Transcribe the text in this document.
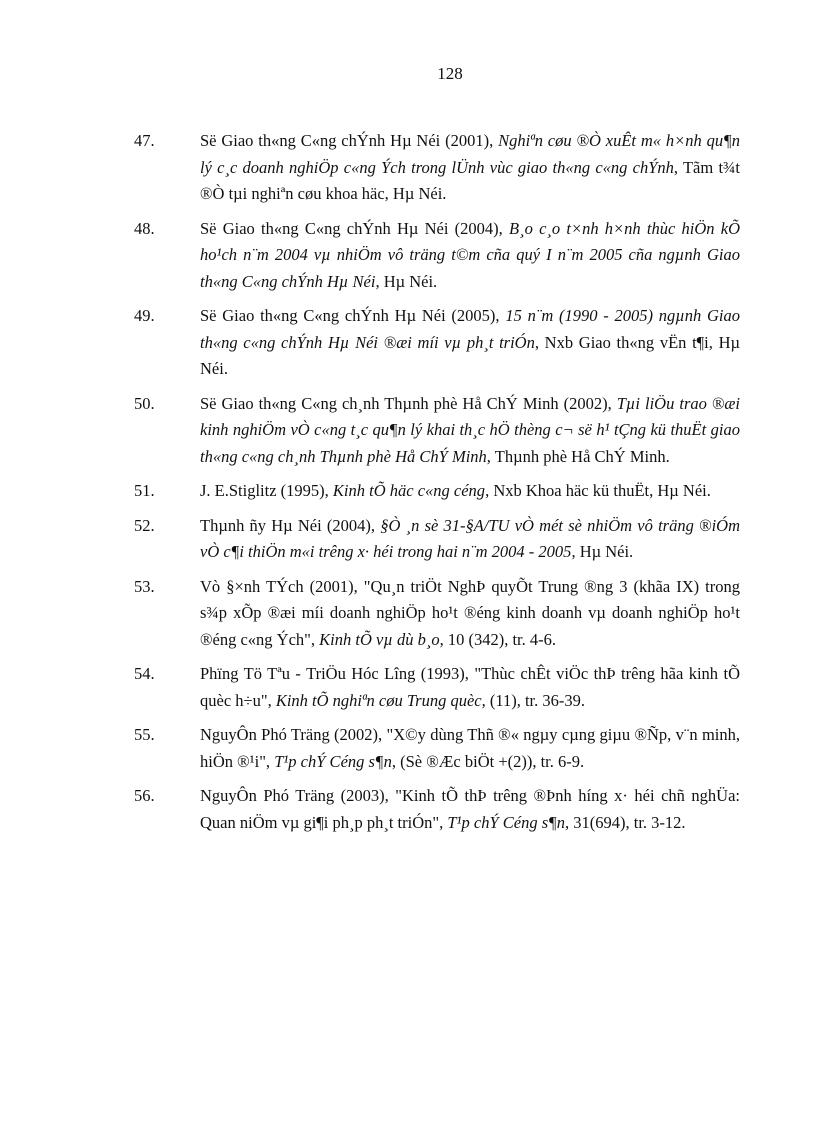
128
47.	Së Giao th«ng C«ng chÝnh Hµ Néi (2001), Nghiªn cøu ®Ò xuÊt m« h×nh qu¶n lý c¸c doanh nghiÖp c«ng Ých trong lÜnh vùc giao th«ng c«ng chÝnh, Tãm t¾t ®Ò tµi nghiªn cøu khoa häc, Hµ Néi.
48.	Së Giao th«ng C«ng chÝnh Hµ Néi (2004), B¸o c¸o t×nh h×nh thùc hiÖn kÕ ho¹ch n¨m 2004 vµ nhiÖm vô träng t©m cña quý I n¨m 2005 cña ngµnh Giao th«ng C«ng chÝnh Hµ Néi, Hµ Néi.
49.	Së Giao th«ng C«ng chÝnh Hµ Néi (2005), 15 n¨m (1990 - 2005) ngµnh Giao th«ng c«ng chÝnh Hµ Néi ®æi míi vµ ph¸t triÓn, Nxb Giao th«ng vËn t¶i, Hµ Néi.
50.	Së Giao th«ng C«ng ch¸nh Thµnh phè Hå ChÝ Minh (2002), Tµi liÖu trao ®æi kinh nghiÖm vÒ c«ng t¸c qu¶n lý khai th¸c hÖ thèng c¬ së h¹ tÇng kü thuËt giao th«ng c«ng ch¸nh Thµnh phè Hå ChÝ Minh, Thµnh phè Hå ChÝ Minh.
51.	J. E.Stiglitz (1995), Kinh tÕ häc c«ng céng, Nxb Khoa häc kü thuËt, Hµ Néi.
52.	Thµnh ñy Hµ Néi (2004), §Ò ¸n sè 31-§A/TU vÒ mét sè nhiÖm vô träng ®iÓm vÒ c¶i thiÖn m«i trêng x· héi trong hai n¨m 2004 - 2005, Hµ Néi.
53.	Vò §×nh TÝch (2001), "Qu¸n triÖt NghÞ quyÕt Trung ®ng 3 (khãa IX) trong s¾p xÕp ®æi míi doanh nghiÖp ho¹t ®éng kinh doanh vµ doanh nghiÖp ho¹t ®éng c«ng Ých", Kinh tÕ vµ dù b¸o, 10 (342), tr. 4-6.
54.	Phïng Tö Tªu - TriÖu Hóc Lîng (1993), "Thùc chÊt viÖc thÞ trêng hãa kinh tÕ quèc h÷u", Kinh tÕ nghiªn cøu Trung quèc, (11), tr. 36-39.
55.	NguyÔn Phó Träng (2002), "X©y dùng Thñ ®« ngµy cµng giµu ®Ñp, v¨n minh, hiÖn ®¹i", T¹p chÝ Céng s¶n, (Sè ®Æc biÖt +(2)), tr. 6-9.
56.	NguyÔn Phó Träng (2003), "Kinh tÕ thÞ trêng ®Þnh híng x· héi chñ nghÜa: Quan niÖm vµ gi¶i ph¸p ph¸t triÓn", T¹p chÝ Céng s¶n, 31(694), tr. 3-12.
